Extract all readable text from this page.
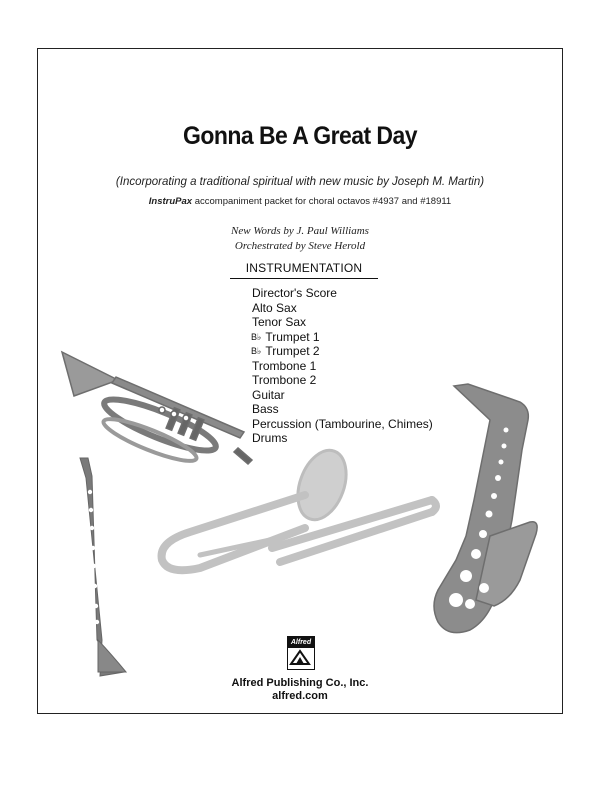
Gonna Be A Great Day
(Incorporating a traditional spiritual with new music by Joseph M. Martin)
InstruPax accompaniment packet for choral octavos #4937 and #18911
New Words by J. Paul Williams
Orchestrated by Steve Herold
INSTRUMENTATION
Director's Score
Alto Sax
Tenor Sax
B♭ Trumpet 1
B♭ Trumpet 2
Trombone 1
Trombone 2
Guitar
Bass
Percussion (Tambourine, Chimes)
Drums
Alfred
Alfred Publishing Co., Inc.
alfred.com
